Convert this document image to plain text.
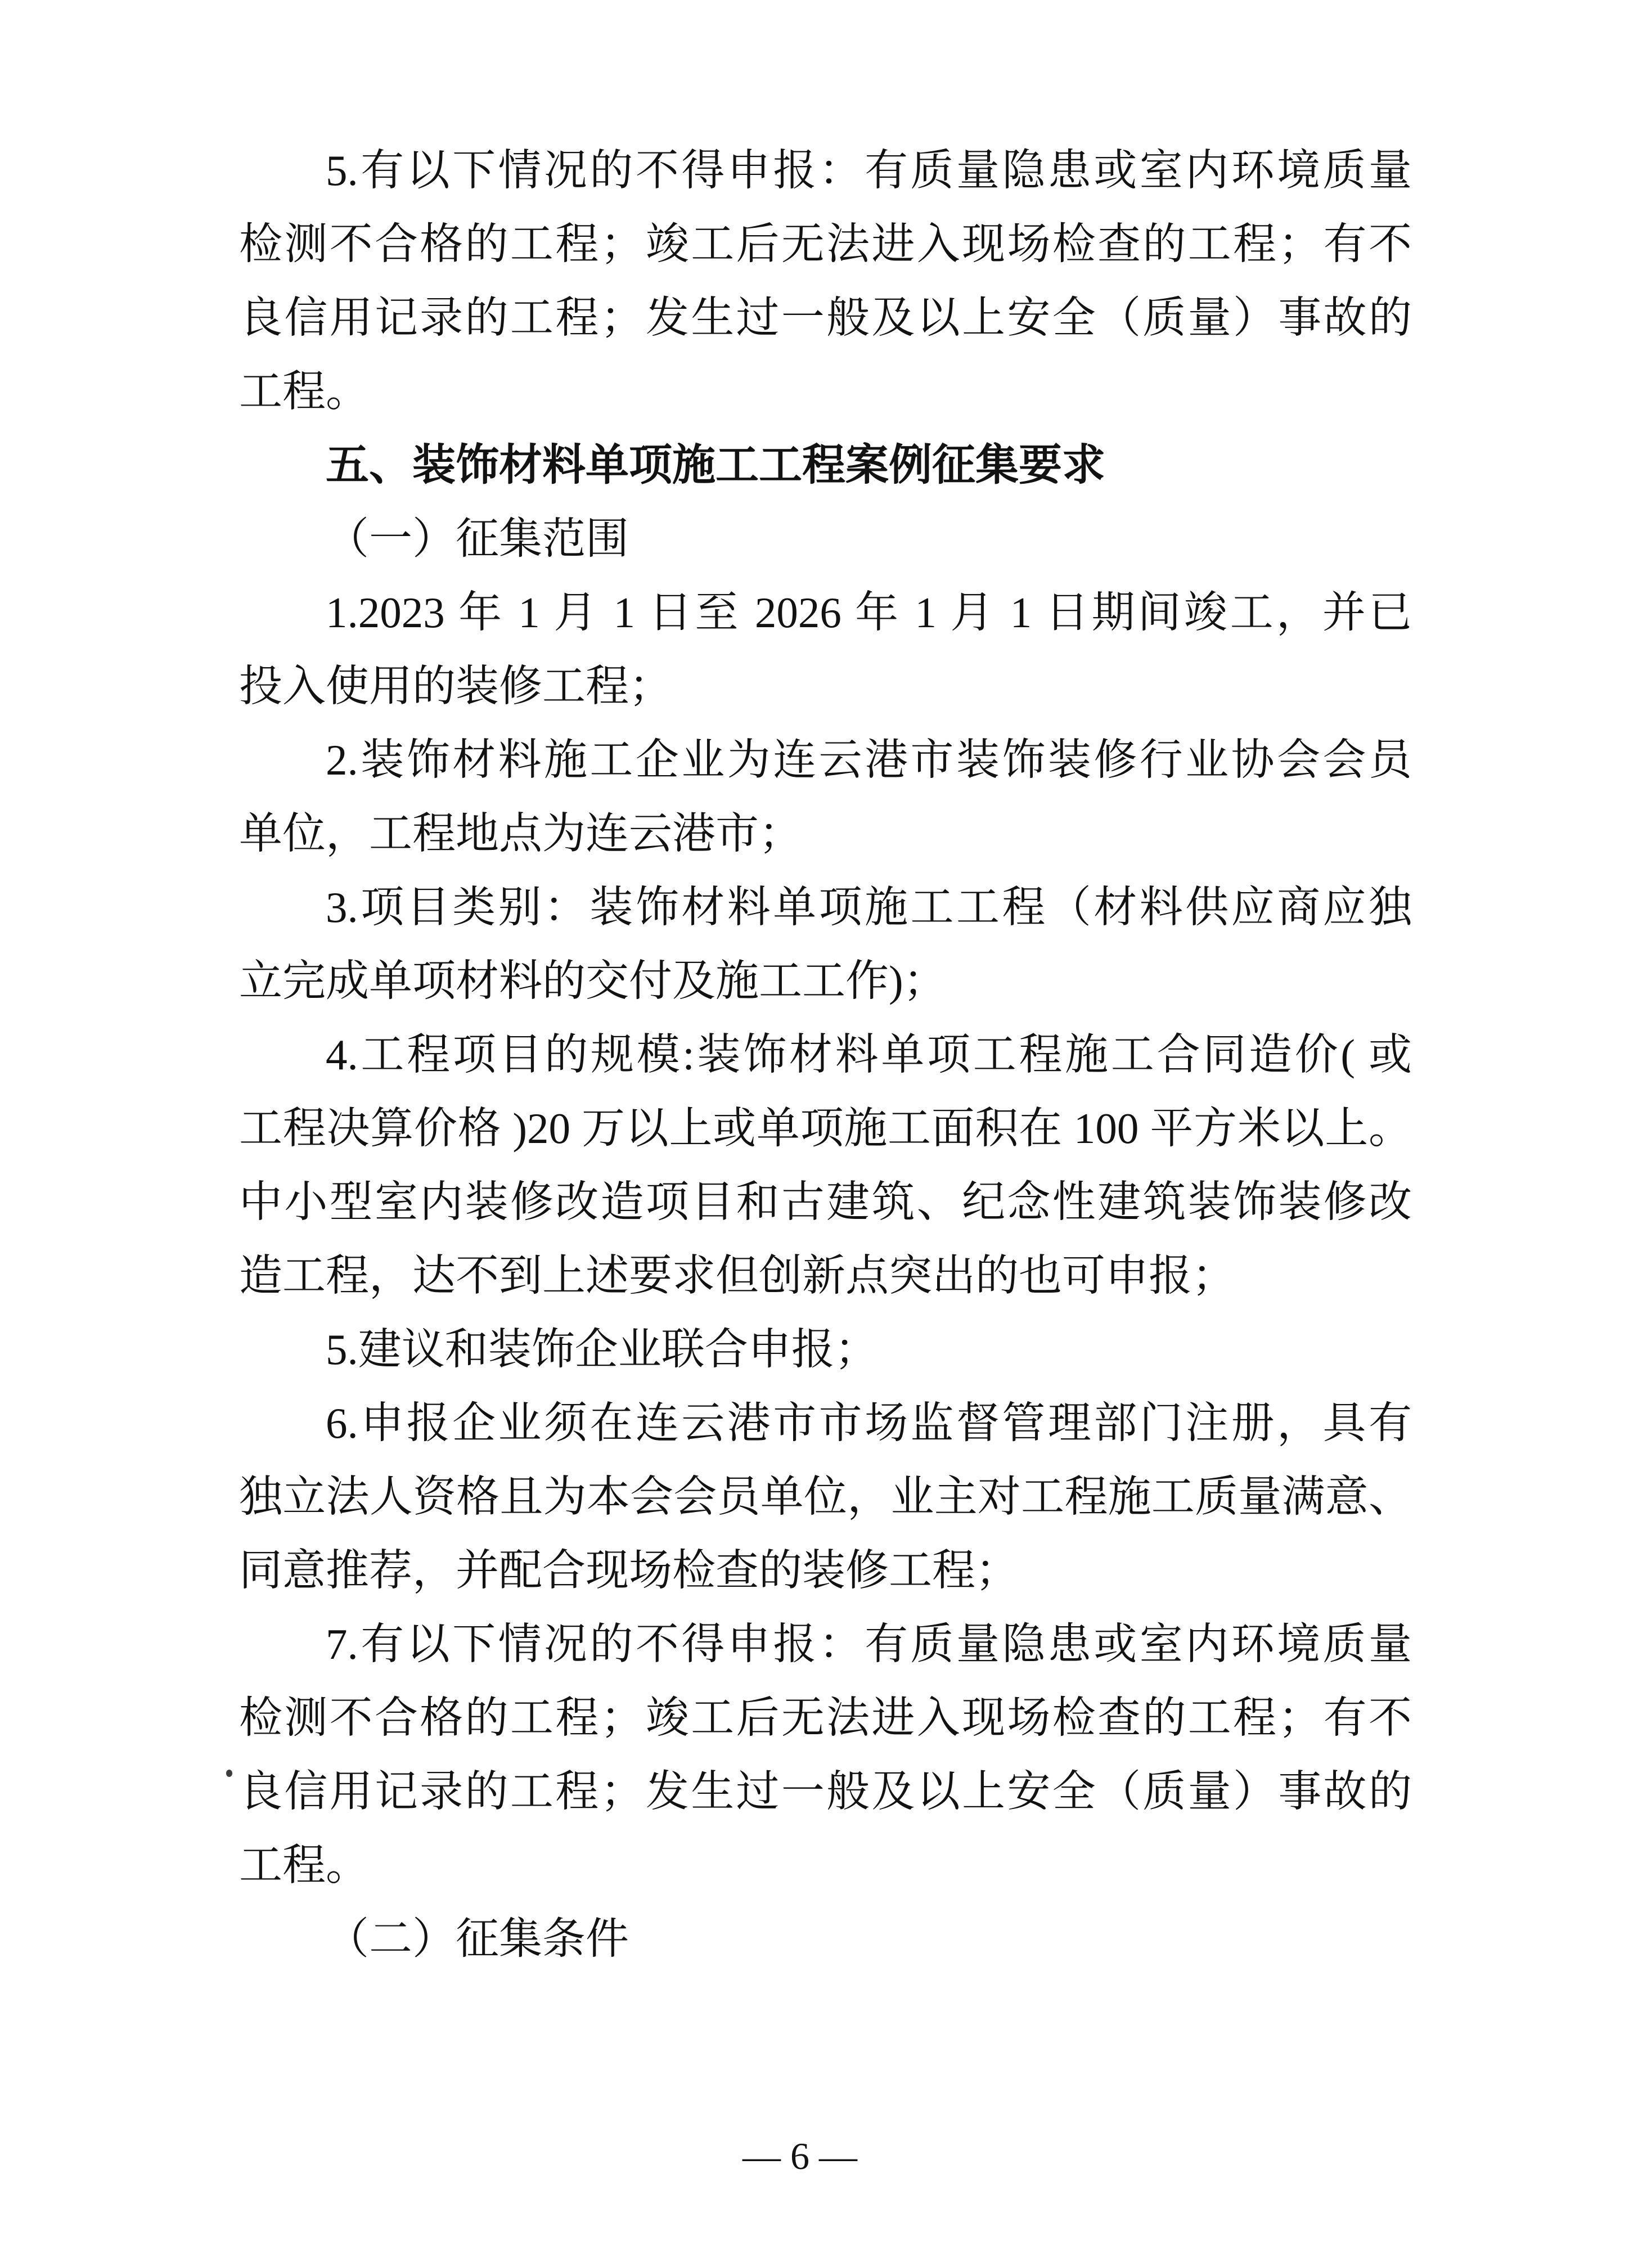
5.有以下情况的不得申报：有质量隐患或室内环境质量
检测不合格的工程；竣工后无法进入现场检查的工程；有不
良信用记录的工程；发生过一般及以上安全（质量）事故的
工程。
五、装饰材料单项施工工程案例征集要求
（一）征集范围
1.2023 年 1 月 1 日至 2026 年 1 月 1 日期间竣工，并已
投入使用的装修工程；
2.装饰材料施工企业为连云港市装饰装修行业协会会员
单位，工程地点为连云港市；
3.项目类别：装饰材料单项施工工程（材料供应商应独
立完成单项材料的交付及施工工作)；
4.工程项目的规模:装饰材料单项工程施工合同造价( 或
工程决算价格 )20 万以上或单项施工面积在 100 平方米以上。
中小型室内装修改造项目和古建筑、纪念性建筑装饰装修改
造工程，达不到上述要求但创新点突出的也可申报；
5.建议和装饰企业联合申报；
6.申报企业须在连云港市市场监督管理部门注册，具有
独立法人资格且为本会会员单位，业主对工程施工质量满意、
同意推荐，并配合现场检查的装修工程；
7.有以下情况的不得申报：有质量隐患或室内环境质量
检测不合格的工程；竣工后无法进入现场检查的工程；有不
良信用记录的工程；发生过一般及以上安全（质量）事故的
工程。
（二）征集条件
— 6 —
